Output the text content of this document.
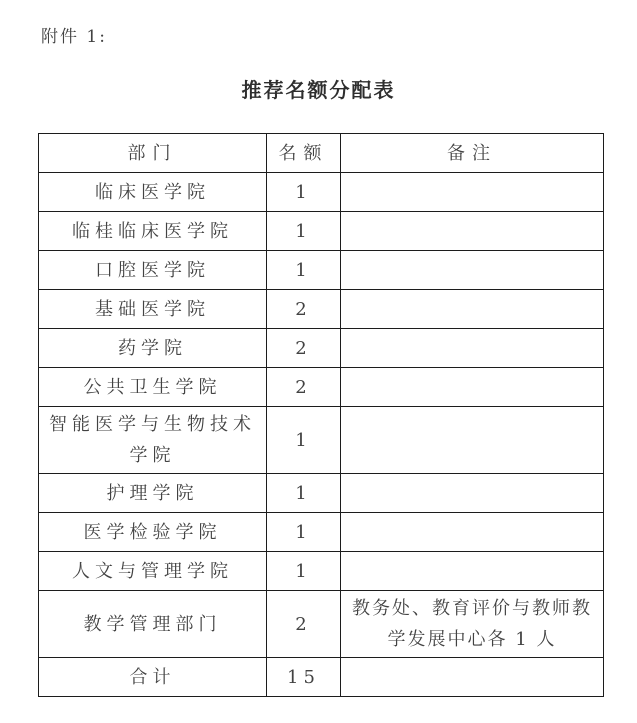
附件 1:
推荐名额分配表
部门	名额	备注
临床医学院	1	
临桂临床医学院	1	
口腔医学院	1	
基础医学院	2	
药学院	2	
公共卫生学院	2	
智能医学与生物技术学院	1	
护理学院	1	
医学检验学院	1	
人文与管理学院	1	
教学管理部门	2	教务处、教育评价与教师教学发展中心各 1 人
合计	15	
